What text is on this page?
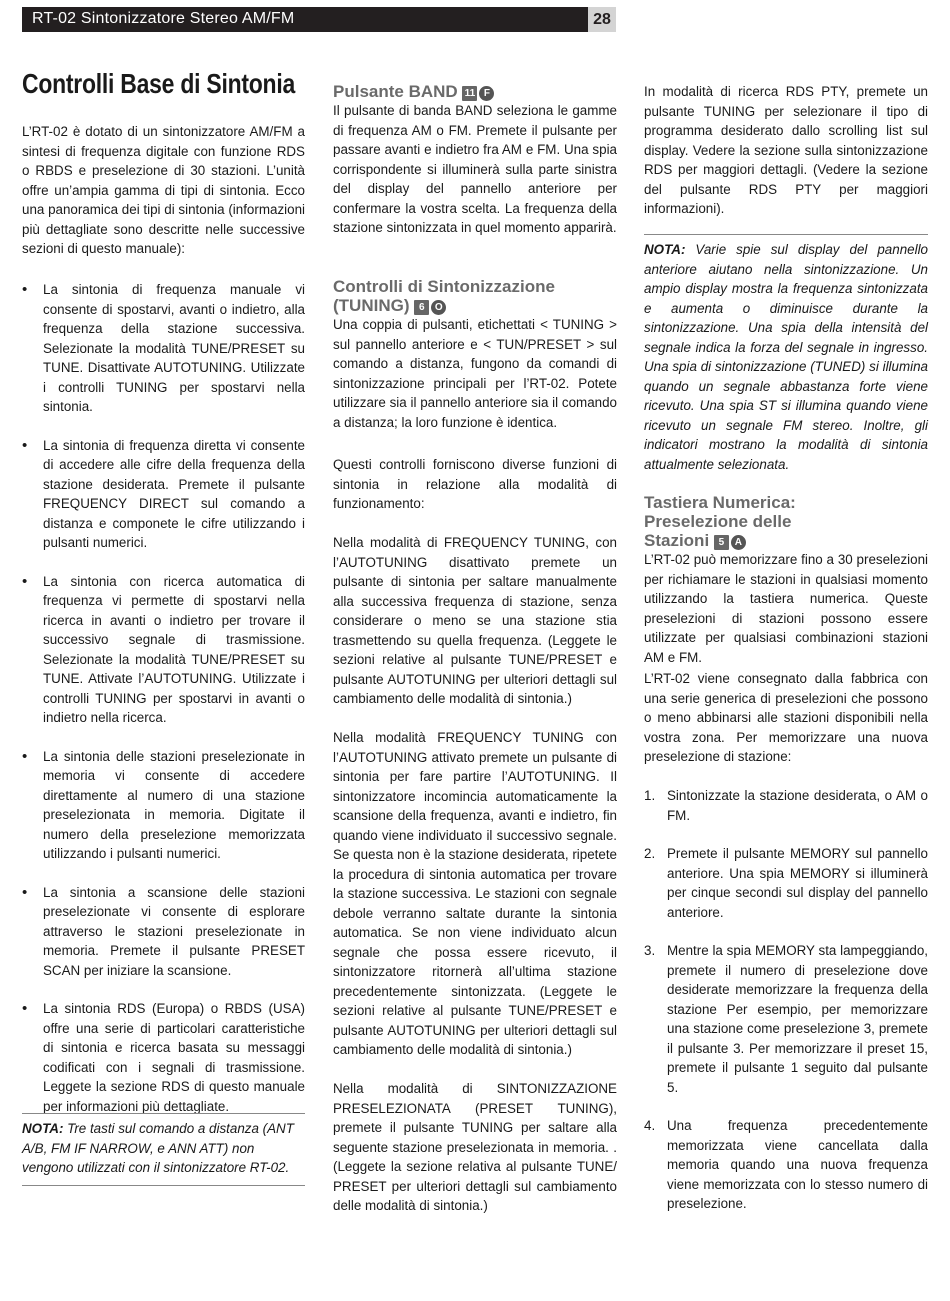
RT-02 Sintonizzatore Stereo AM/FM	28
Controlli Base di Sintonia

L’RT-02 è dotato di un sintonizzatore AM/FM a sintesi di frequenza digitale con funzione RDS o RBDS e preselezione di 30 stazioni. L’unità offre un’ampia gamma di tipi di sintonia. Ecco una panoramica dei tipi di sintonia (informazioni più dettagliate sono descritte nelle successive sezioni di questo manuale):

• La sintonia di frequenza manuale vi consente di spostarvi, avanti o indietro, alla frequenza della stazione successiva. Selezionate la modalità TUNE/PRESET su TUNE. Disattivate AUTOTUNING. Utilizzate i controlli TUNING per spostarvi nella sintonia.
• La sintonia di frequenza diretta vi consente di accedere alle cifre della frequenza della stazione desiderata. Premete il pulsante FREQUENCY DIRECT sul comando a distanza e componete le cifre utilizzando i pulsanti numerici.
• La sintonia con ricerca automatica di frequenza vi permette di spostarvi nella ricerca in avanti o indietro per trovare il successivo segnale di trasmissione. Selezionate la modalità TUNE/PRESET su TUNE. Attivate l’AUTOTUNING. Utilizzate i controlli TUNING per spostarvi in avanti o indietro nella ricerca.
• La sintonia delle stazioni preselezionate in memoria vi consente di accedere direttamente al numero di una stazione preselezionata in memoria. Digitate il numero della preselezione memorizzata utilizzando i pulsanti numerici.
• La sintonia a scansione delle stazioni preselezionate vi consente di esplorare attraverso le stazioni preselezionate in memoria. Premete il pulsante PRESET SCAN per iniziare la scansione.
• La sintonia RDS (Europa) o RBDS (USA) offre una serie di particolari caratteristiche di sintonia e ricerca basata su messaggi codificati con i segnali di trasmissione. Leggete la sezione RDS di questo manuale per informazioni più dettagliate.

NOTA: Tre tasti sul comando a distanza (ANT A/B, FM IF NARROW, e ANN ATT) non vengono utilizzati con il sintonizzatore RT-02.

Pulsante BAND 11 F

Il pulsante di banda BAND seleziona le gamme di frequenza AM o FM. Premete il pulsante per passare avanti e indietro fra AM e FM. Una spia corrispondente si illuminerà sulla parte sinistra del display del pannello anteriore per confermare la vostra scelta. La frequenza della stazione sintonizzata in quel momento apparirà.

Controlli di Sintonizzazione
(TUNING) 6 O

Una coppia di pulsanti, etichettati < TUNING > sul pannello anteriore e < TUN/PRESET > sul comando a distanza, fungono da comandi di sintonizzazione principali per l’RT-02. Potete utilizzare sia il pannello anteriore sia il comando a distanza; la loro funzione è identica.

Questi controlli forniscono diverse funzioni di sintonia in relazione alla modalità di funzionamento:

Nella modalità di FREQUENCY TUNING, con l’AUTOTUNING disattivato premete un pulsante di sintonia per saltare manualmente alla successiva frequenza di stazione, senza considerare o meno se una stazione stia trasmettendo su quella frequenza. (Leggete le sezioni relative al pulsante TUNE/PRESET e pulsante AUTOTUNING per ulteriori dettagli sul cambiamento delle modalità di sintonia.)

Nella modalità FREQUENCY TUNING con l’AUTOTUNING attivato premete un pulsante di sintonia per fare partire l’AUTOTUNING. Il sintonizzatore incomincia automaticamente la scansione della frequenza, avanti e indietro, fin quando viene individuato il successivo segnale. Se questa non è la stazione desiderata, ripetete la procedura di sintonia automatica per trovare la stazione successiva. Le stazioni con segnale debole verranno saltate durante la sintonia automatica. Se non viene individuato alcun segnale che possa essere ricevuto, il sintonizzatore ritornerà all’ultima stazione precedentemente sintonizzata. (Leggete le sezioni relative al pulsante TUNE/PRESET e pulsante AUTOTUNING per ulteriori dettagli sul cambiamento delle modalità di sintonia.)

Nella modalità di SINTONIZZAZIONE PRESELEZIONATA (PRESET TUNING), premete il pulsante TUNING per saltare alla seguente stazione preselezionata in memoria. . (Leggete la sezione relativa al pulsante TUNE/ PRESET per ulteriori dettagli sul cambiamento delle modalità di sintonia.)

In modalità di ricerca RDS PTY, premete un pulsante TUNING per selezionare il tipo di programma desiderato dallo scrolling list sul display. Vedere la sezione sulla sintonizzazione RDS per maggiori dettagli. (Vedere la sezione del pulsante RDS PTY per maggiori informazioni).

NOTA: Varie spie sul display del pannello anteriore aiutano nella sintonizzazione. Un ampio display mostra la frequenza sintonizzata e aumenta o diminuisce durante la sintonizzazione. Una spia della intensità del segnale indica la forza del segnale in ingresso. Una spia di sintonizzazione (TUNED) si illumina quando un segnale abbastanza forte viene ricevuto. Una spia ST si illumina quando viene ricevuto un segnale FM stereo. Inoltre, gli indicatori mostrano la modalità di sintonia attualmente selezionata.

Tastiera Numerica:
Preselezione delle
Stazioni 5 A

L’RT-02 può memorizzare fino a 30 preselezioni per richiamare le stazioni in qualsiasi momento utilizzando la tastiera numerica. Queste preselezioni di stazioni possono essere utilizzate per qualsiasi combinazioni stazioni AM e FM.

L’RT-02 viene consegnato dalla fabbrica con una serie generica di preselezioni che possono o meno abbinarsi alle stazioni disponibili nella vostra zona. Per memorizzare una nuova preselezione di stazione:

1. Sintonizzate la stazione desiderata, o AM o FM.
2. Premete il pulsante MEMORY sul pannello anteriore. Una spia MEMORY si illuminerà per cinque secondi sul display del pannello anteriore.
3. Mentre la spia MEMORY sta lampeggiando, premete il numero di preselezione dove desiderate memorizzare la frequenza della stazione Per esempio, per memorizzare una stazione come preselezione 3, premete il pulsante 3. Per memorizzare il preset 15, premete il pulsante 1 seguito dal pulsante 5.
4. Una frequenza precedentemente memorizzata viene cancellata dalla memoria quando una nuova frequenza viene memorizzata con lo stesso numero di preselezione.
